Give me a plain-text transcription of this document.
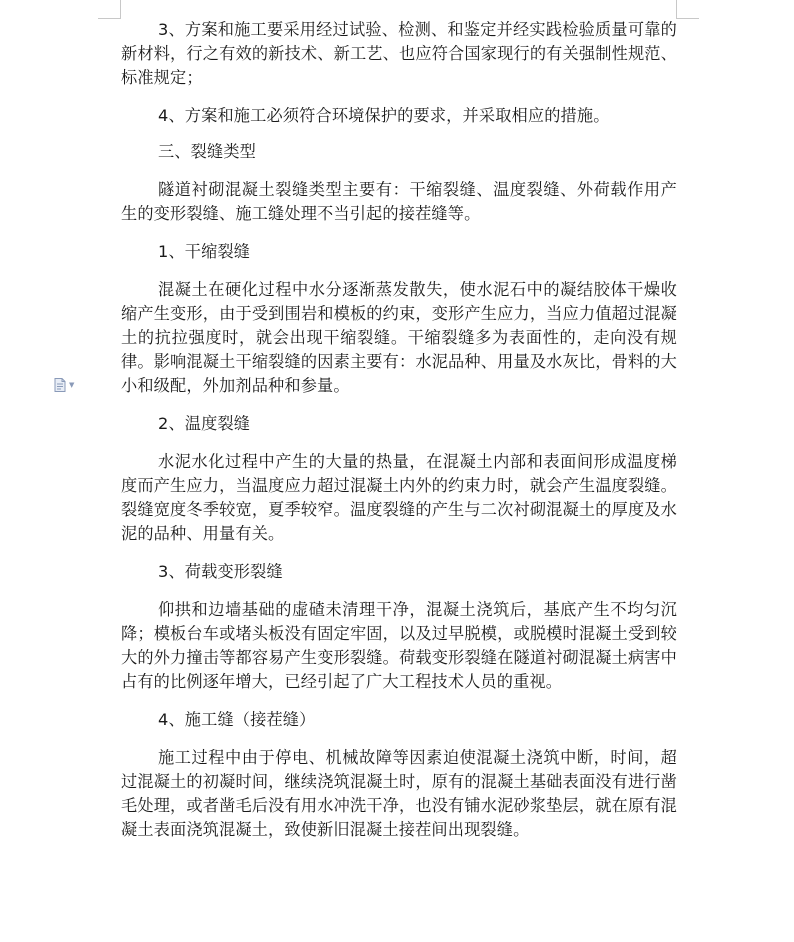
▼

3、方案和施工要采用经过试验、检测、和鉴定并经实践检验质量可靠的新材料，行之有效的新技术、新工艺、也应符合国家现行的有关强制性规范、标准规定；

4、方案和施工必须符合环境保护的要求，并采取相应的措施。

三、裂缝类型

隧道衬砌混凝土裂缝类型主要有：干缩裂缝、温度裂缝、外荷载作用产生的变形裂缝、施工缝处理不当引起的接茬缝等。

1、干缩裂缝

混凝土在硬化过程中水分逐渐蒸发散失，使水泥石中的凝结胶体干燥收缩产生变形，由于受到围岩和模板的约束，变形产生应力，当应力值超过混凝土的抗拉强度时，就会出现干缩裂缝。干缩裂缝多为表面性的，走向没有规律。影响混凝土干缩裂缝的因素主要有：水泥品种、用量及水灰比，骨料的大小和级配，外加剂品种和参量。

2、温度裂缝

水泥水化过程中产生的大量的热量，在混凝土内部和表面间形成温度梯度而产生应力，当温度应力超过混凝土内外的约束力时，就会产生温度裂缝。裂缝宽度冬季较宽，夏季较窄。温度裂缝的产生与二次衬砌混凝土的厚度及水泥的品种、用量有关。

3、荷载变形裂缝

仰拱和边墙基础的虚碴未清理干净，混凝土浇筑后，基底产生不均匀沉降；模板台车或堵头板没有固定牢固，以及过早脱模，或脱模时混凝土受到较大的外力撞击等都容易产生变形裂缝。荷载变形裂缝在隧道衬砌混凝土病害中占有的比例逐年增大，已经引起了广大工程技术人员的重视。

4、施工缝（接茬缝）

施工过程中由于停电、机械故障等因素迫使混凝土浇筑中断，时间，超过混凝土的初凝时间，继续浇筑混凝土时，原有的混凝土基础表面没有进行凿毛处理，或者凿毛后没有用水冲洗干净，也没有铺水泥砂浆垫层，就在原有混凝土表面浇筑混凝土，致使新旧混凝土接茬间出现裂缝。
